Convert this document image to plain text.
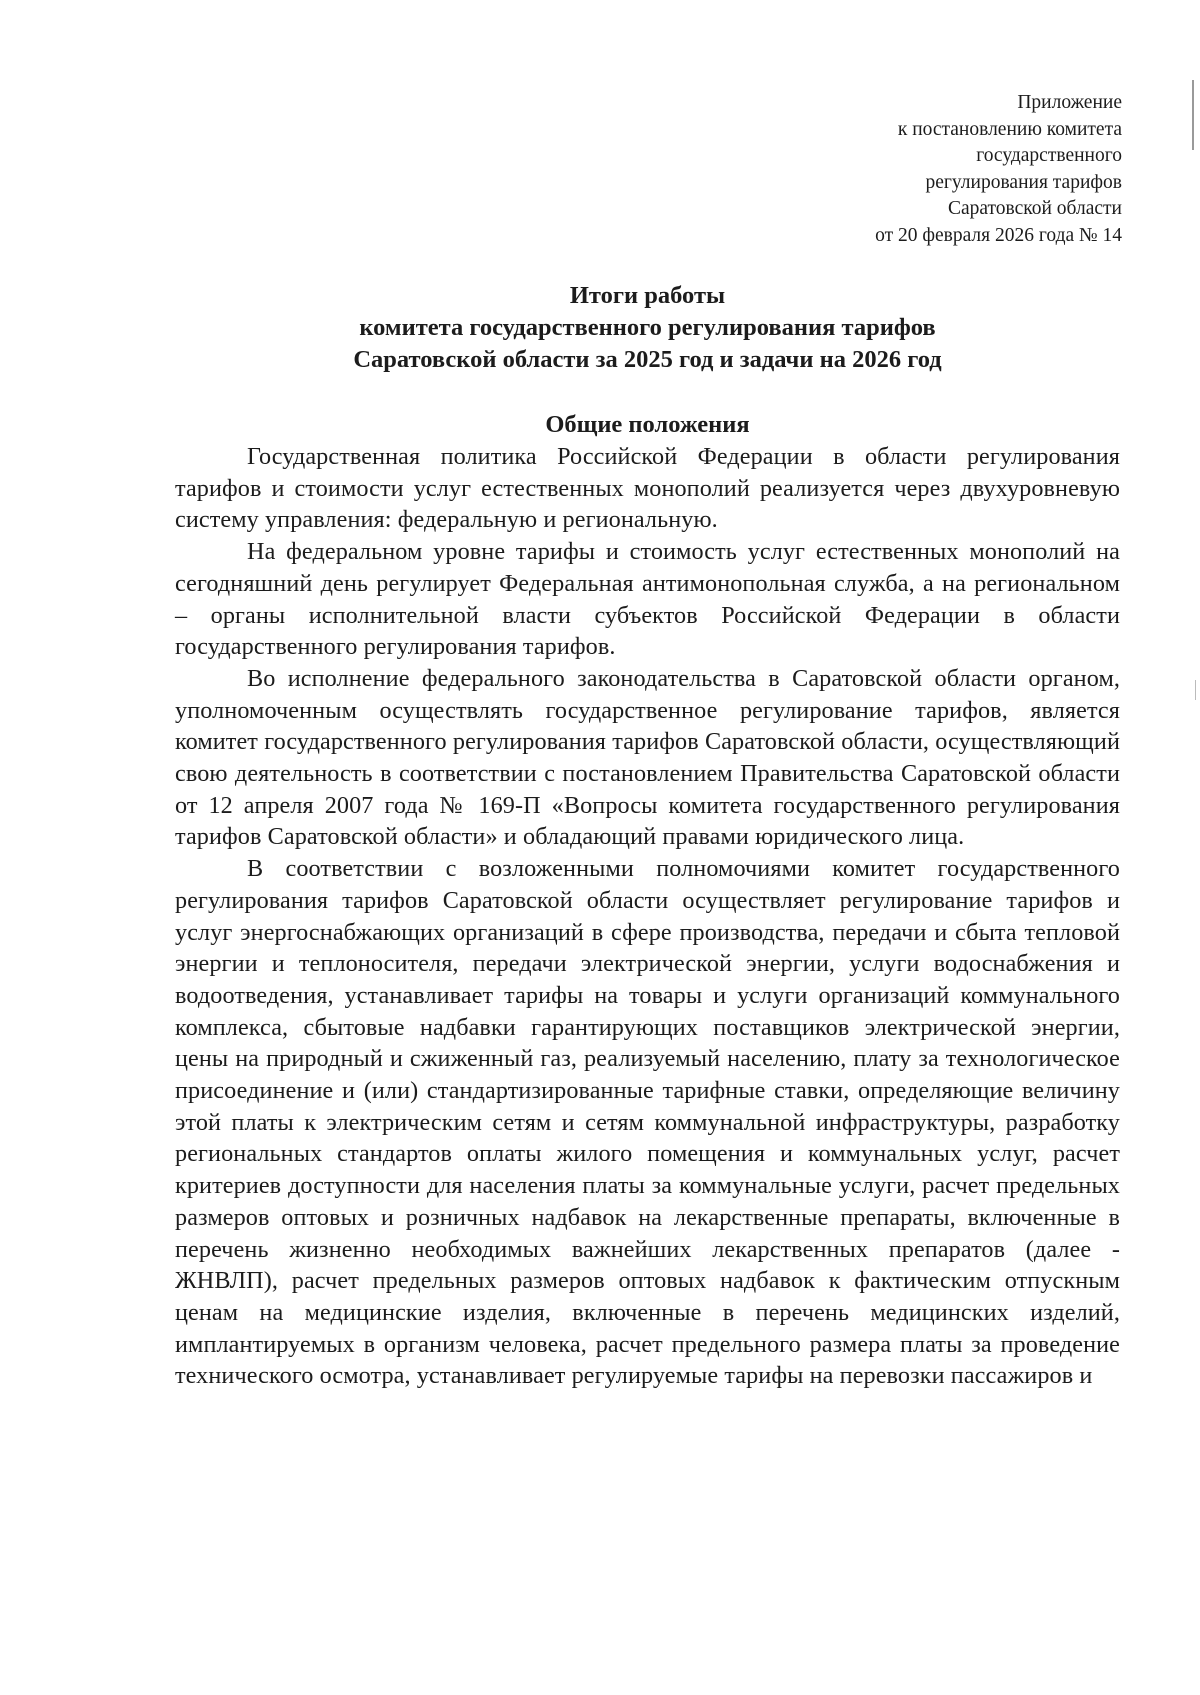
Приложение
к постановлению комитета
государственного
регулирования тарифов
Саратовской области
от 20 февраля 2026 года № 14
Итоги работы
комитета государственного регулирования тарифов
Саратовской области за 2025 год и задачи на 2026 год
Общие положения

Государственная политика Российской Федерации в области регулирования тарифов и стоимости услуг естественных монополий реализуется через двухуровневую систему управления: федеральную и региональную.

На федеральном уровне тарифы и стоимость услуг естественных монополий на сегодняшний день регулирует Федеральная антимонопольная служба, а на региональном – органы исполнительной власти субъектов Российской Федерации в области государственного регулирования тарифов.

Во исполнение федерального законодательства в Саратовской области органом, уполномоченным осуществлять государственное регулирование тарифов, является комитет государственного регулирования тарифов Саратовской области, осуществляющий свою деятельность в соответствии с постановлением Правительства Саратовской области от 12 апреля 2007 года № 169-П «Вопросы комитета государственного регулирования тарифов Саратовской области» и обладающий правами юридического лица.

В соответствии с возложенными полномочиями комитет государственного регулирования тарифов Саратовской области осуществляет регулирование тарифов и услуг энергоснабжающих организаций в сфере производства, передачи и сбыта тепловой энергии и теплоносителя, передачи электрической энергии, услуги водоснабжения и водоотведения, устанавливает тарифы на товары и услуги организаций коммунального комплекса, сбытовые надбавки гарантирующих поставщиков электрической энергии, цены на природный и сжиженный газ, реализуемый населению, плату за технологическое присоединение и (или) стандартизированные тарифные ставки, определяющие величину этой платы к электрическим сетям и сетям коммунальной инфраструктуры, разработку региональных стандартов оплаты жилого помещения и коммунальных услуг, расчет критериев доступности для населения платы за коммунальные услуги, расчет предельных размеров оптовых и розничных надбавок на лекарственные препараты, включенные в перечень жизненно необходимых важнейших лекарственных препаратов (далее - ЖНВЛП), расчет предельных размеров оптовых надбавок к фактическим отпускным ценам на медицинские изделия, включенные в перечень медицинских изделий, имплантируемых в организм человека, расчет предельного размера платы за проведение технического осмотра, устанавливает регулируемые тарифы на перевозки пассажиров и
